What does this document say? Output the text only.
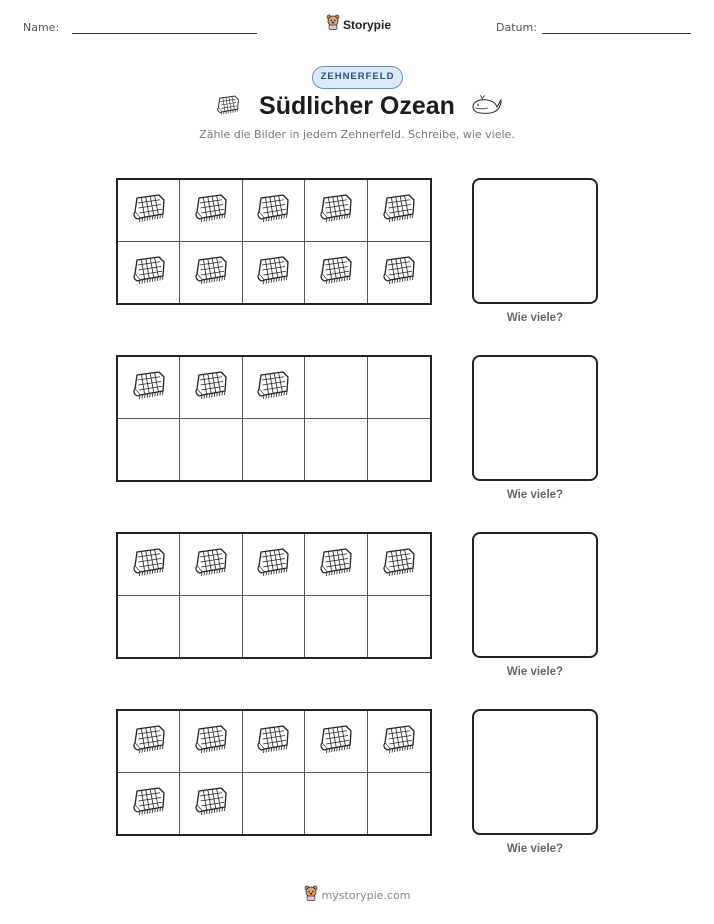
Name:	Storypie	Datum:
ZEHNERFELD
Südlicher Ozean
Zähle die Bilder in jedem Zehnerfeld. Schreibe, wie viele.
Wie viele?
Wie viele?
Wie viele?
Wie viele?
mystorypie.com
